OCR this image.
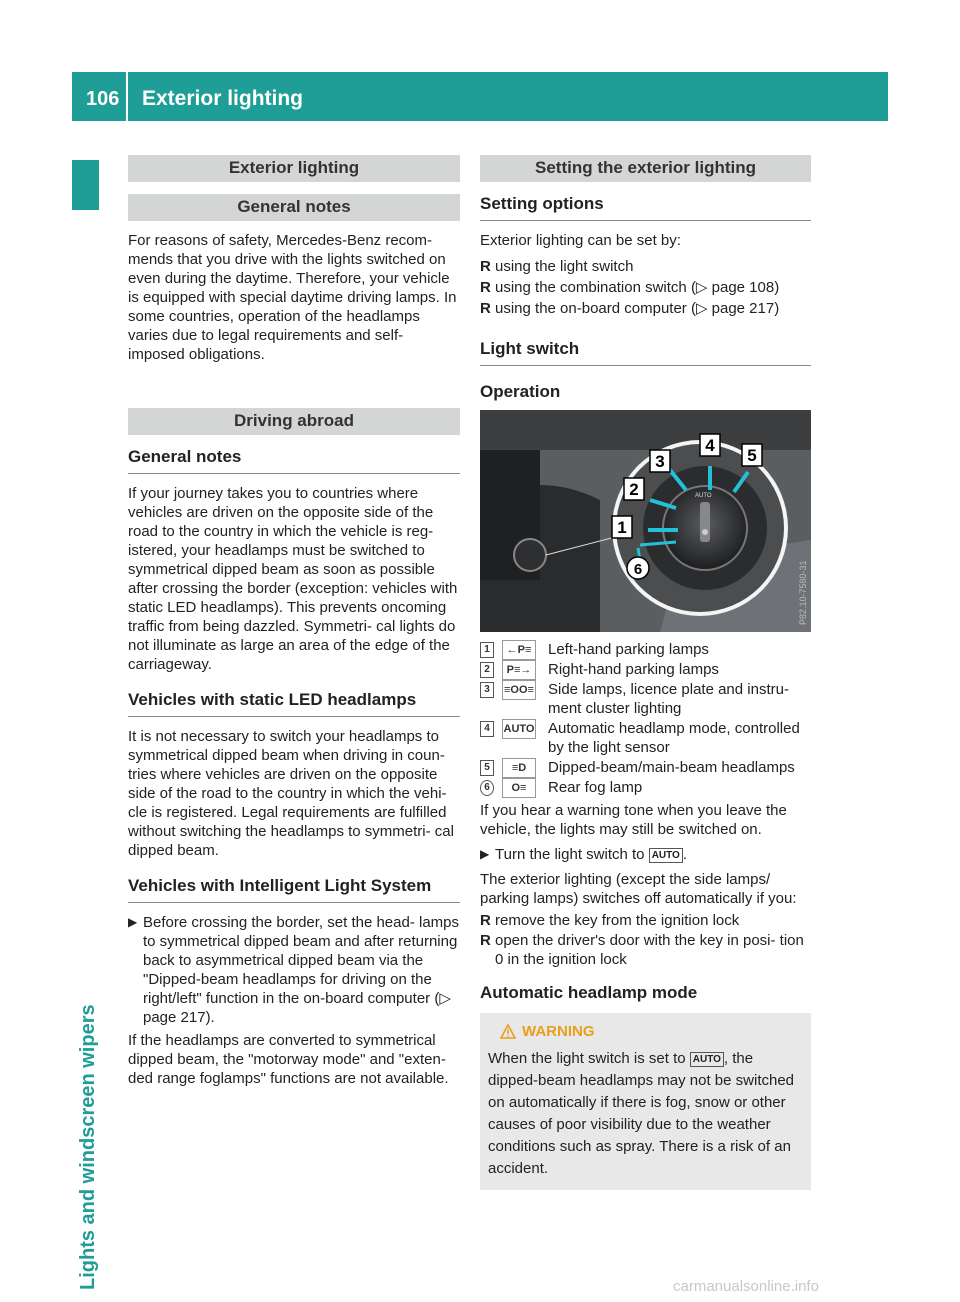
106 Exterior lighting
Lights and windscreen wipers
Exterior lighting
General notes

For reasons of safety, Mercedes-Benz recom- mends that you drive with the lights switched on even during the daytime. Therefore, your vehicle is equipped with special daytime driving lamps. In some countries, operation of the headlamps varies due to legal requirements and self- imposed obligations.

Driving abroad
General notes

If your journey takes you to countries where vehicles are driven on the opposite side of the road to the country in which the vehicle is reg- istered, your headlamps must be switched to symmetrical dipped beam as soon as possible after crossing the border (exception: vehicles with static LED headlamps). This prevents oncoming traffic from being dazzled. Symmetri- cal lights do not illuminate as large an area of the edge of the carriageway.

Vehicles with static LED headlamps

It is not necessary to switch your headlamps to symmetrical dipped beam when driving in coun- tries where vehicles are driven on the opposite side of the road to the country in which the vehi- cle is registered. Legal requirements are fulfilled without switching the headlamps to symmetri- cal dipped beam.

Vehicles with Intelligent Light System
▶ Before crossing the border, set the head- lamps to symmetrical dipped beam and after returning back to asymmetrical dipped beam via the "Dipped-beam headlamps for driving on the right/left" function in the on-board computer (▷ page 217).

If the headlamps are converted to symmetrical dipped beam, the "motorway mode" and "exten- ded range foglamps" functions are not available.

Setting the exterior lighting
Setting options

Exterior lighting can be set by:

R using the light switch
R using the combination switch (▷ page 108)
R using the on-board computer (▷ page 217)
Light switch
Operation
AUTO
1
2
3
4
5
6	P82.10-7580-31
1	←P≡	Left-hand parking lamps
2	P≡→	Right-hand parking lamps
3	≡OO≡ Side lamps, licence plate and instru- ment cluster lighting
4	AUTO Automatic headlamp mode, controlled by the light sensor
5	≡D	Dipped-beam/main-beam headlamps
6	O≡	Rear fog lamp

If you hear a warning tone when you leave the vehicle, the lights may still be switched on.

▶ Turn the light switch to AUTO .

The exterior lighting (except the side lamps/ parking lamps) switches off automatically if you:

R remove the key from the ignition lock
R open the driver's door with the key in posi- tion 0 in the ignition lock
Automatic headlamp mode
WARNING

When the light switch is set to AUTO , the dipped-beam headlamps may not be switched on automatically if there is fog, snow or other causes of poor visibility due to the weather conditions such as spray. There is a risk of an accident.

carmanualsonline.info
